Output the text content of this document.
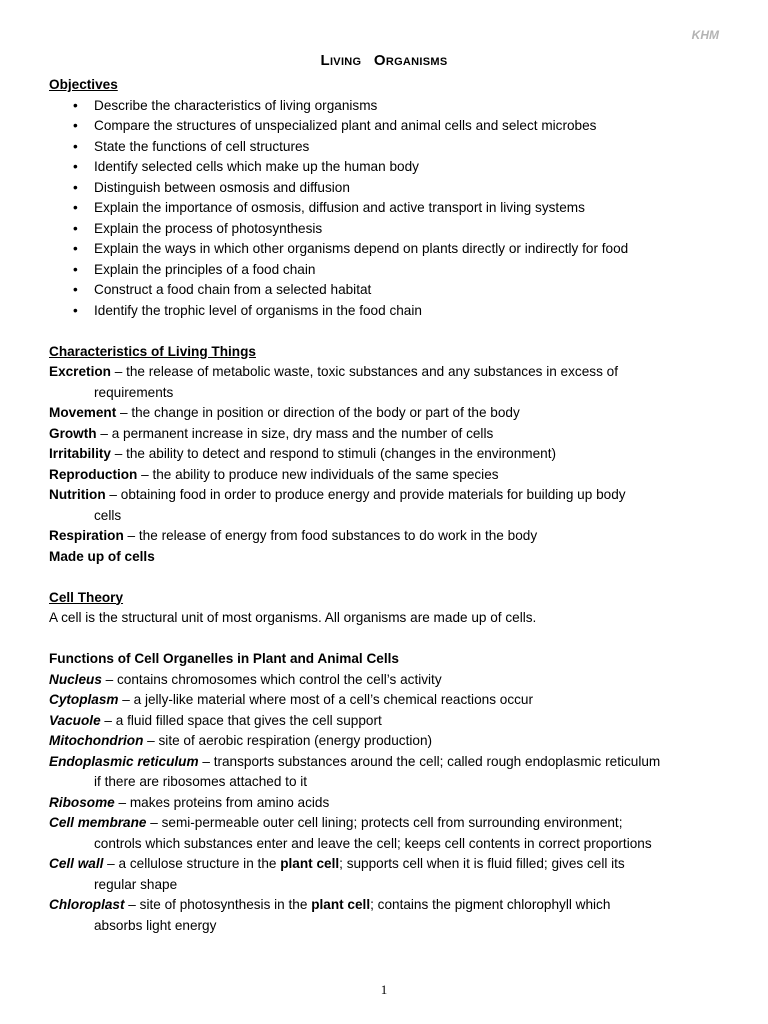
KHM
Living Organisms
Objectives
• Describe the characteristics of living organisms
• Compare the structures of unspecialized plant and animal cells and select microbes
• State the functions of cell structures
• Identify selected cells which make up the human body
• Distinguish between osmosis and diffusion
• Explain the importance of osmosis, diffusion and active transport in living systems
• Explain the process of photosynthesis
• Explain the ways in which other organisms depend on plants directly or indirectly for food
• Explain the principles of a food chain
• Construct a food chain from a selected habitat
• Identify the trophic level of organisms in the food chain
Characteristics of Living Things
Excretion – the release of metabolic waste, toxic substances and any substances in excess of
requirements
Movement – the change in position or direction of the body or part of the body
Growth – a permanent increase in size, dry mass and the number of cells
Irritability – the ability to detect and respond to stimuli (changes in the environment)
Reproduction – the ability to produce new individuals of the same species
Nutrition – obtaining food in order to produce energy and provide materials for building up body
cells
Respiration – the release of energy from food substances to do work in the body
Made up of cells
Cell Theory
A cell is the structural unit of most organisms. All organisms are made up of cells.
Functions of Cell Organelles in Plant and Animal Cells
Nucleus – contains chromosomes which control the cell’s activity
Cytoplasm – a jelly-like material where most of a cell’s chemical reactions occur
Vacuole – a fluid filled space that gives the cell support
Mitochondrion – site of aerobic respiration (energy production)
Endoplasmic reticulum – transports substances around the cell; called rough endoplasmic reticulum
if there are ribosomes attached to it
Ribosome – makes proteins from amino acids
Cell membrane – semi-permeable outer cell lining; protects cell from surrounding environment;
controls which substances enter and leave the cell; keeps cell contents in correct proportions
Cell wall – a cellulose structure in the plant cell; supports cell when it is fluid filled; gives cell its
regular shape
Chloroplast – site of photosynthesis in the plant cell; contains the pigment chlorophyll which
absorbs light energy
1
